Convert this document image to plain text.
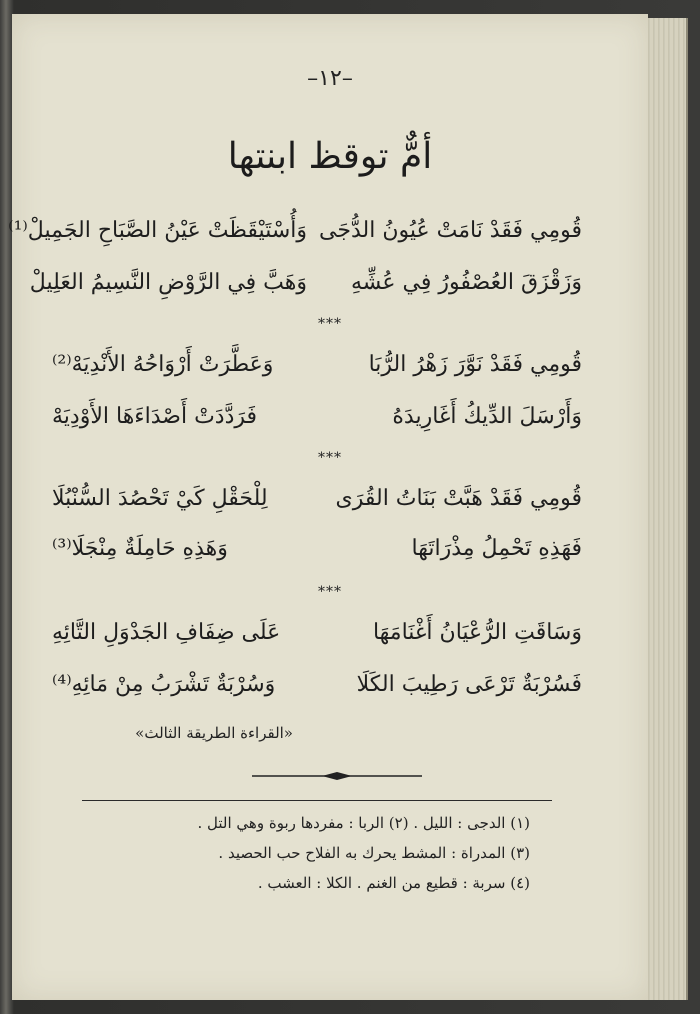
–١٢–
أمٌّ توقظ ابنتها
قُومِي فَقَدْ نَامَتْ عُيُونُ الدُّجَى
وَأُسْتَيْقَظَتْ عَيْنُ الصَّبَاحِ الجَمِيلْ⁽¹⁾
وَزَقْزَقَ العُصْفُورُ فِي عُشِّهِ
وَهَبَّ فِي الرَّوْضِ النَّسِيمُ العَلِيلْ
***
قُومِي فَقَدْ نَوَّرَ زَهْرُ الرُّبَا
وَعَطَّرَتْ أَرْوَاحُهُ الأَنْدِيَهْ⁽²⁾
وَأَرْسَلَ الدِّيكُ أَغَارِيدَهُ
فَرَدَّدَتْ أَصْدَاءَهَا الأَوْدِيَهْ
***
قُومِي فَقَدْ هَبَّتْ بَنَاتُ القُرَى
لِلْحَقْلِ كَيْ تَحْصُدَ السُّنْبُلَا
فَهَذِهِ تَحْمِلُ مِذْرَاتَهَا
وَهَذِهِ حَامِلَةٌ مِنْجَلَا⁽³⁾
***
وَسَاقَتِ الرُّعْيَانُ أَغْنَامَهَا
عَلَى ضِفَافِ الجَدْوَلِ التَّائِهِ
فَسُرْبَةٌ تَرْعَى رَطِيبَ الكَلَا
وَسُرْبَةٌ تَشْرَبُ مِنْ مَائِهِ⁽⁴⁾
«القراءة الطريقة الثالث»
(١) الدجى : الليل . (٢) الربا : مفردها ربوة وهي التل .
(٣) المدراة : المشط يحرك به الفلاح حب الحصيد .
(٤) سربة : قطيع من الغنم . الكلا : العشب .
